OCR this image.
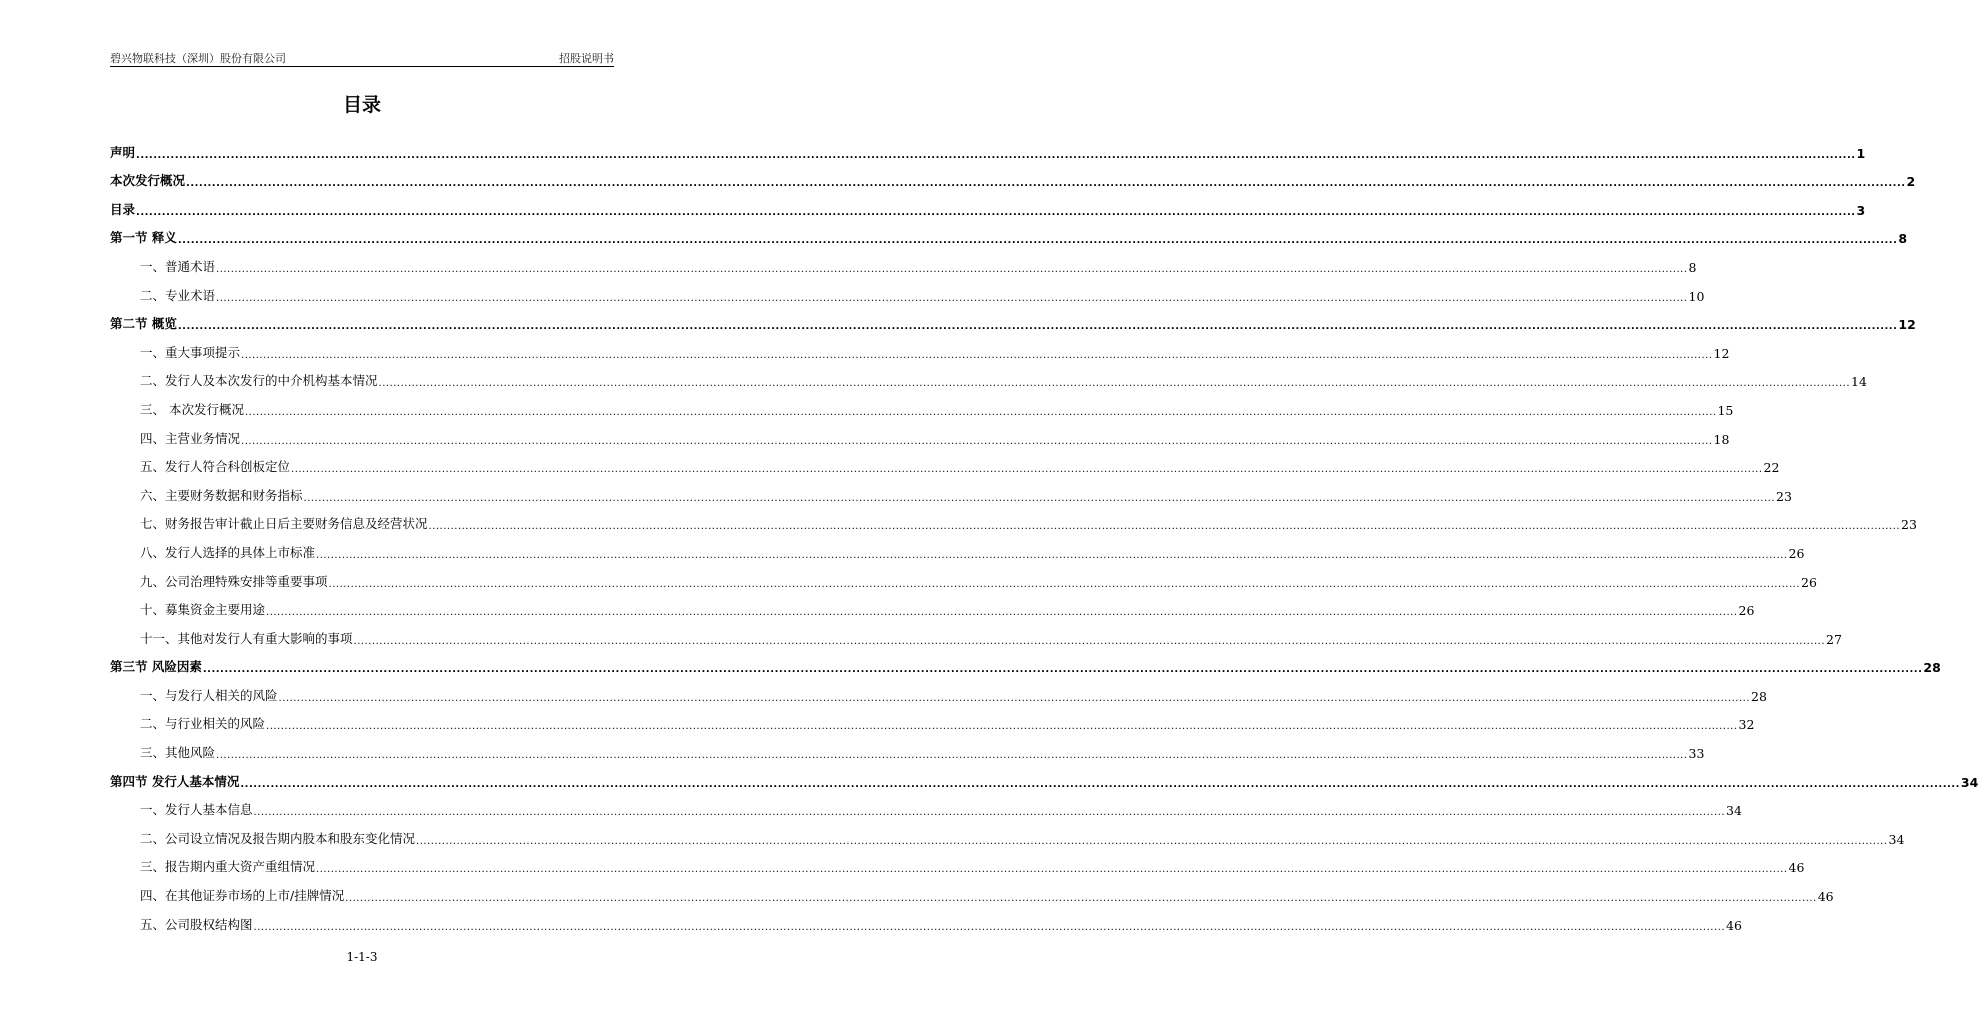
碧兴物联科技（深圳）股份有限公司	招股说明书
目录
声明 ................................................................................................................................................................................................................................................................................................................................................................................................................ 1
本次发行概况 ................................................................................................................................................................................................................................................................................................................................................................................................................ 2
目录 ................................................................................................................................................................................................................................................................................................................................................................................................................ 3
第一节 释义 ................................................................................................................................................................................................................................................................................................................................................................................................................ 8
一、普通术语 ................................................................................................................................................................................................................................................................................................................................................................................................................ 8
二、专业术语 ................................................................................................................................................................................................................................................................................................................................................................................................................ 10
第二节 概览 ................................................................................................................................................................................................................................................................................................................................................................................................................ 12
一、重大事项提示 ................................................................................................................................................................................................................................................................................................................................................................................................................ 12
二、发行人及本次发行的中介机构基本情况 ................................................................................................................................................................................................................................................................................................................................................................................................................ 14
三、 本次发行概况 ................................................................................................................................................................................................................................................................................................................................................................................................................ 15
四、主营业务情况 ................................................................................................................................................................................................................................................................................................................................................................................................................ 18
五、发行人符合科创板定位 ................................................................................................................................................................................................................................................................................................................................................................................................................ 22
六、主要财务数据和财务指标 ................................................................................................................................................................................................................................................................................................................................................................................................................ 23
七、财务报告审计截止日后主要财务信息及经营状况 ................................................................................................................................................................................................................................................................................................................................................................................................................ 23
八、发行人选择的具体上市标准 ................................................................................................................................................................................................................................................................................................................................................................................................................ 26
九、公司治理特殊安排等重要事项 ................................................................................................................................................................................................................................................................................................................................................................................................................ 26
十、募集资金主要用途 ................................................................................................................................................................................................................................................................................................................................................................................................................ 26
十一、其他对发行人有重大影响的事项 ................................................................................................................................................................................................................................................................................................................................................................................................................ 27
第三节 风险因素 ................................................................................................................................................................................................................................................................................................................................................................................................................ 28
一、与发行人相关的风险 ................................................................................................................................................................................................................................................................................................................................................................................................................ 28
二、与行业相关的风险 ................................................................................................................................................................................................................................................................................................................................................................................................................ 32
三、其他风险 ................................................................................................................................................................................................................................................................................................................................................................................................................ 33
第四节 发行人基本情况 ................................................................................................................................................................................................................................................................................................................................................................................................................ 34
一、发行人基本信息 ................................................................................................................................................................................................................................................................................................................................................................................................................ 34
二、公司设立情况及报告期内股本和股东变化情况 ................................................................................................................................................................................................................................................................................................................................................................................................................ 34
三、报告期内重大资产重组情况 ................................................................................................................................................................................................................................................................................................................................................................................................................ 46
四、在其他证券市场的上市/挂牌情况 ................................................................................................................................................................................................................................................................................................................................................................................................................ 46
五、公司股权结构图 ................................................................................................................................................................................................................................................................................................................................................................................................................ 46
1-1-3
